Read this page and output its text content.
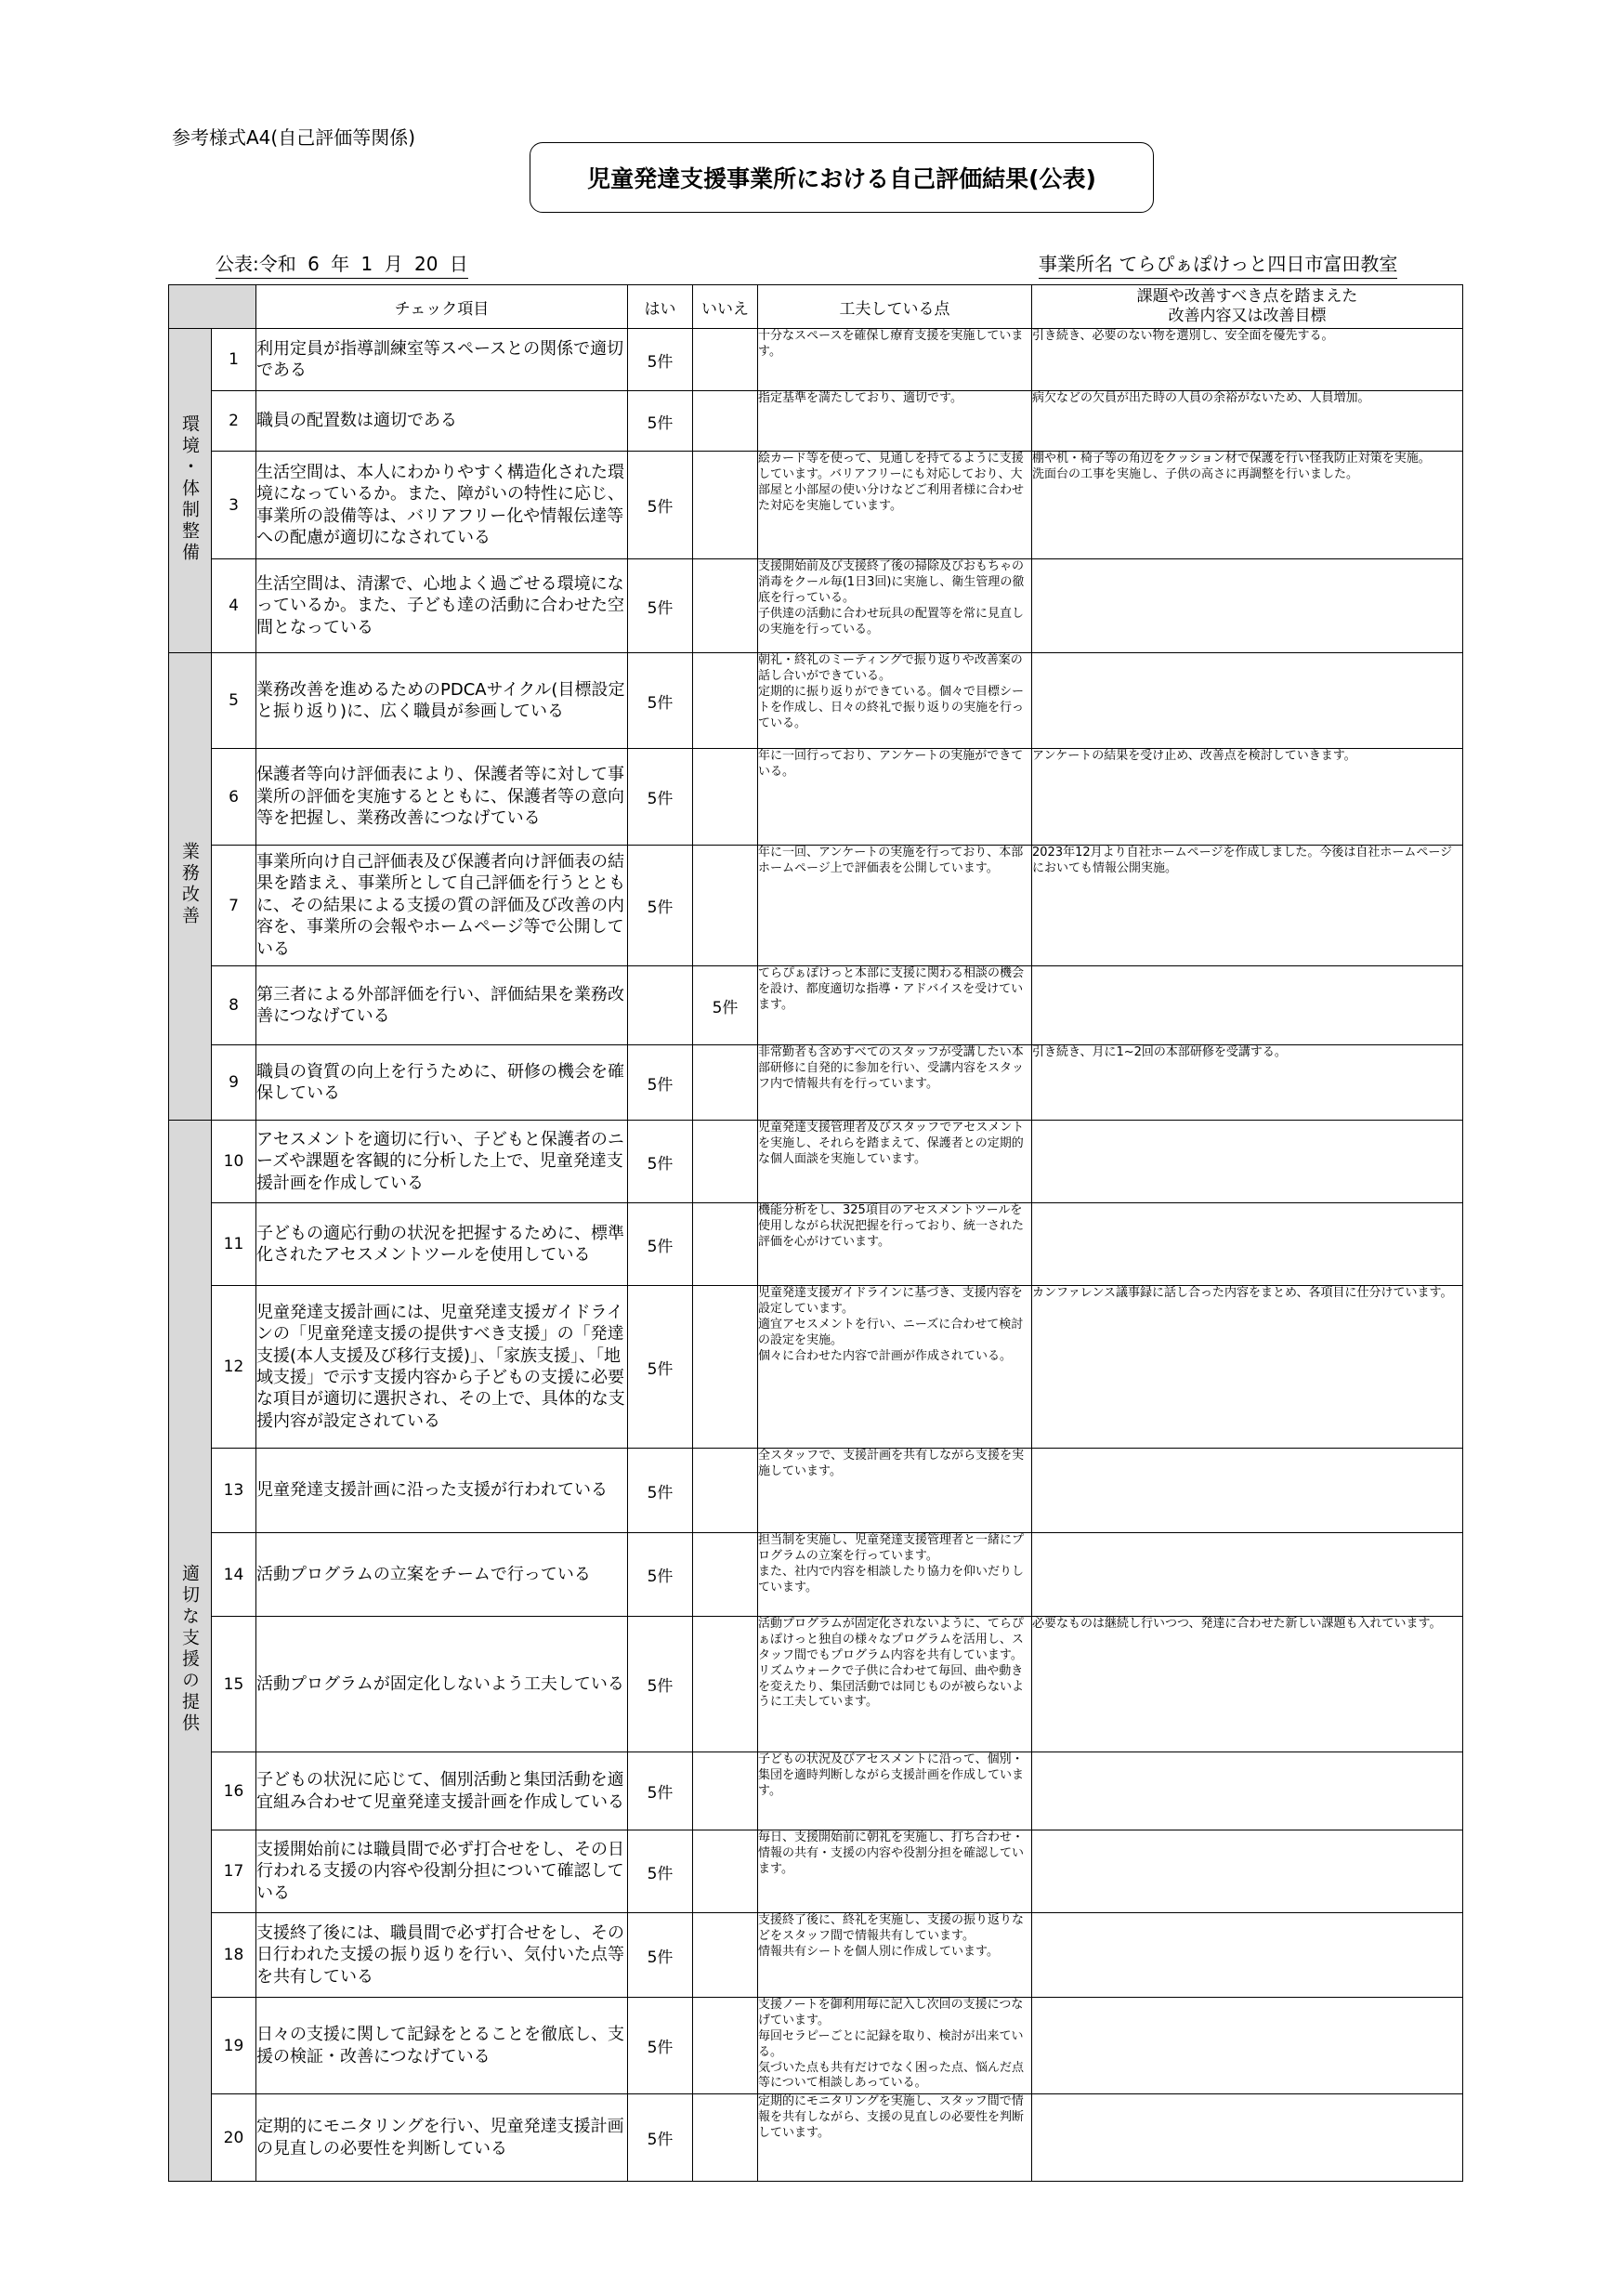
参考様式A4(自己評価等関係)
児童発達支援事業所における自己評価結果(公表)
公表:令和 6 年 1 月 20 日	事業所名 てらぴぁぽけっと四日市富田教室
		チェック項目	はい	いいえ	工夫している点	課題や改善すべき点を踏まえた
改善内容又は改善目標
環境・体制整備	1	利用定員が指導訓練室等スペースとの関係で適切である	5件		十分なスペースを確保し療育支援を実施しています。	引き続き、必要のない物を選別し、安全面を優先する。
	2	職員の配置数は適切である	5件		指定基準を満たしており、適切です。	病欠などの欠員が出た時の人員の余裕がないため、人員増加。
	3	生活空間は、本人にわかりやすく構造化された環境になっているか。また、障がいの特性に応じ、事業所の設備等は、バリアフリー化や情報伝達等への配慮が適切になされている	5件		絵カード等を使って、見通しを持てるように支援しています。バリアフリーにも対応しており、大部屋と小部屋の使い分けなどご利用者様に合わせた対応を実施しています。	棚や机・椅子等の角辺をクッション材で保護を行い怪我防止対策を実施。
洗面台の工事を実施し、子供の高さに再調整を行いました。
	4	生活空間は、清潔で、心地よく過ごせる環境になっているか。また、子ども達の活動に合わせた空間となっている	5件		支援開始前及び支援終了後の掃除及びおもちゃの消毒をクール毎(1日3回)に実施し、衛生管理の徹底を行っている。
子供達の活動に合わせ玩具の配置等を常に見直しの実施を行っている。	
業務改善	5	業務改善を進めるためのPDCAサイクル(目標設定と振り返り)に、広く職員が参画している	5件		朝礼・終礼のミーティングで振り返りや改善案の話し合いができている。
定期的に振り返りができている。個々で目標シートを作成し、日々の終礼で振り返りの実施を行っている。	
	6	保護者等向け評価表により、保護者等に対して事業所の評価を実施するとともに、保護者等の意向等を把握し、業務改善につなげている	5件		年に一回行っており、アンケートの実施ができている。	アンケートの結果を受け止め、改善点を検討していきます。
	7	事業所向け自己評価表及び保護者向け評価表の結果を踏まえ、事業所として自己評価を行うとともに、その結果による支援の質の評価及び改善の内容を、事業所の会報やホームページ等で公開している	5件		年に一回、アンケートの実施を行っており、本部ホームページ上で評価表を公開しています。	2023年12月より自社ホームページを作成しました。今後は自社ホームページにおいても情報公開実施。
	8	第三者による外部評価を行い、評価結果を業務改善につなげている		5件	てらぴぁぽけっと本部に支援に関わる相談の機会を設け、都度適切な指導・アドバイスを受けています。	
	9	職員の資質の向上を行うために、研修の機会を確保している	5件		非常勤者も含めすべてのスタッフが受講したい本部研修に自発的に参加を行い、受講内容をスタッフ内で情報共有を行っています。	引き続き、月に1~2回の本部研修を受講する。
適切な支援の提供	10	アセスメントを適切に行い、子どもと保護者のニーズや課題を客観的に分析した上で、児童発達支援計画を作成している	5件		児童発達支援管理者及びスタッフでアセスメントを実施し、それらを踏まえて、保護者との定期的な個人面談を実施しています。	
	11	子どもの適応行動の状況を把握するために、標準化されたアセスメントツールを使用している	5件		機能分析をし、325項目のアセスメントツールを使用しながら状況把握を行っており、統一された評価を心がけています。	
	12	児童発達支援計画には、児童発達支援ガイドラインの「児童発達支援の提供すべき支援」の「発達支援(本人支援及び移行支援)」、「家族支援」、「地域支援」で示す支援内容から子どもの支援に必要な項目が適切に選択され、その上で、具体的な支援内容が設定されている	5件		児童発達支援ガイドラインに基づき、支援内容を設定しています。
適宜アセスメントを行い、ニーズに合わせて検討の設定を実施。
個々に合わせた内容で計画が作成されている。	カンファレンス議事録に話し合った内容をまとめ、各項目に仕分けています。
	13	児童発達支援計画に沿った支援が行われている	5件		全スタッフで、支援計画を共有しながら支援を実施しています。	
	14	活動プログラムの立案をチームで行っている	5件		担当制を実施し、児童発達支援管理者と一緒にプログラムの立案を行っています。
また、社内で内容を相談したり協力を仰いだりしています。	
	15	活動プログラムが固定化しないよう工夫している	5件		活動プログラムが固定化されないように、てらぴぁぽけっと独自の様々なプログラムを活用し、スタッフ間でもプログラム内容を共有しています。
リズムウォークで子供に合わせて毎回、曲や動きを変えたり、集団活動では同じものが被らないように工夫しています。	必要なものは継続し行いつつ、発達に合わせた新しい課題も入れています。
	16	子どもの状況に応じて、個別活動と集団活動を適宜組み合わせて児童発達支援計画を作成している	5件		子どもの状況及びアセスメントに沿って、個別・集団を適時判断しながら支援計画を作成しています。	
	17	支援開始前には職員間で必ず打合せをし、その日行われる支援の内容や役割分担について確認している	5件		毎日、支援開始前に朝礼を実施し、打ち合わせ・情報の共有・支援の内容や役割分担を確認しています。	
	18	支援終了後には、職員間で必ず打合せをし、その日行われた支援の振り返りを行い、気付いた点等を共有している	5件		支援終了後に、終礼を実施し、支援の振り返りなどをスタッフ間で情報共有しています。
情報共有シートを個人別に作成しています。	
	19	日々の支援に関して記録をとることを徹底し、支援の検証・改善につなげている	5件		支援ノートを御利用毎に記入し次回の支援につなげています。
毎回セラピーごとに記録を取り、検討が出来ている。
気づいた点も共有だけでなく困った点、悩んだ点等について相談しあっている。	
	20	定期的にモニタリングを行い、児童発達支援計画の見直しの必要性を判断している	5件		定期的にモニタリングを実施し、スタッフ間で情報を共有しながら、支援の見直しの必要性を判断しています。	
